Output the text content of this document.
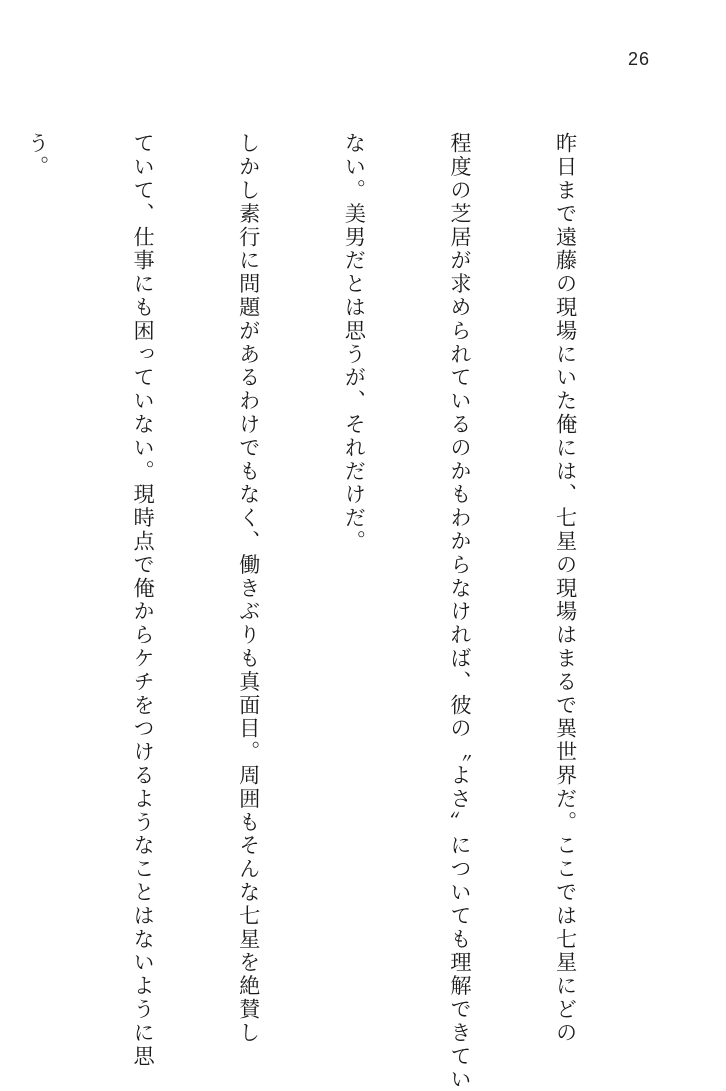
26

昨日まで遠藤の現場にいた俺には、七星の現場はまるで異世界だ。ここでは七星にどの

程度の芝居が求められているのかもわからなければ、彼の〝よさ〟についても理解できてい

ない。美男だとは思うが、それだけだ。

しかし素行に問題があるわけでもなく、働きぶりも真面目。周囲もそんな七星を絶賛し

ていて、仕事にも困っていない。現時点で俺からケチをつけるようなことはないように思

う。
